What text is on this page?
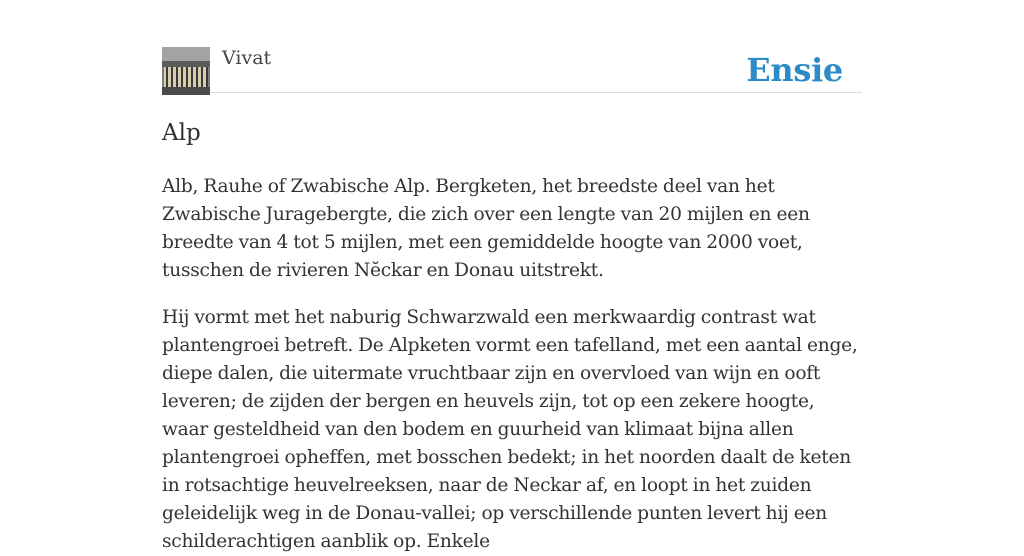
Vivat	Ensie
Alp

Alb, Rauhe of Zwabische Alp. Bergketen, het breedste deel van het Zwabische Juragebergte, die zich over een lengte van 20 mijlen en een breedte van 4 tot 5 mijlen, met een gemiddelde hoogte van 2000 voet, tusschen de rivieren Nĕckar en Donau uitstrekt.

Hij vormt met het naburig Schwarzwald een merkwaardig contrast wat plantengroei betreft. De Alpketen vormt een tafelland, met een aantal enge, diepe dalen, die uitermate vruchtbaar zijn en overvloed van wijn en ooft leveren; de zijden der bergen en heuvels zijn, tot op een zekere hoogte, waar gesteldheid van den bodem en guurheid van klimaat bijna allen plantengroei opheffen, met bosschen bedekt; in het noorden daalt de keten in rotsachtige heuvelreeksen, naar de Neckar af, en loopt in het zuiden geleidelijk weg in de Donau-vallei; op verschillende punten levert hij een schilderachtigen aanblik op. Enkele
